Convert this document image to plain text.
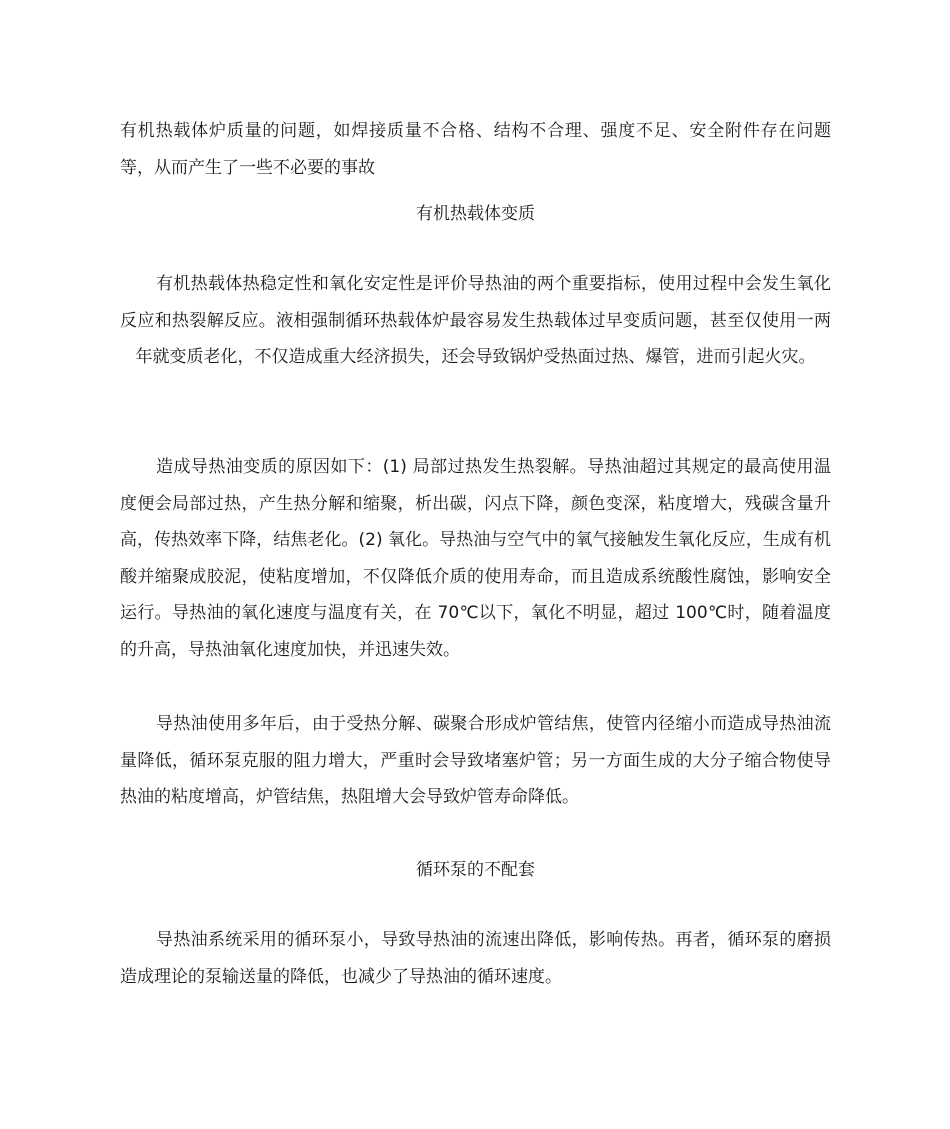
有机热载体炉质量的问题，如焊接质量不合格、结构不合理、强度不足、安全附件存在问题等，从而产生了一些不必要的事故

有机热载体变质

有机热载体热稳定性和氧化安定性是评价导热油的两个重要指标，使用过程中会发生氧化反应和热裂解反应。液相强制循环热载体炉最容易发生热载体过早变质问题，甚至仅使用一两年就变质老化，不仅造成重大经济损失，还会导致锅炉受热面过热、爆管，进而引起火灾。

造成导热油变质的原因如下：(1) 局部过热发生热裂解。导热油超过其规定的最高使用温度便会局部过热，产生热分解和缩聚，析出碳，闪点下降，颜色变深，粘度增大，残碳含量升高，传热效率下降，结焦老化。(2) 氧化。导热油与空气中的氧气接触发生氧化反应，生成有机酸并缩聚成胶泥，使粘度增加，不仅降低介质的使用寿命，而且造成系统酸性腐蚀，影响安全运行。导热油的氧化速度与温度有关，在 70℃以下，氧化不明显，超过 100℃时，随着温度的升高，导热油氧化速度加快，并迅速失效。

导热油使用多年后，由于受热分解、碳聚合形成炉管结焦，使管内径缩小而造成导热油流量降低，循环泵克服的阻力增大，严重时会导致堵塞炉管；另一方面生成的大分子缩合物使导热油的粘度增高，炉管结焦，热阻增大会导致炉管寿命降低。

循环泵的不配套

导热油系统采用的循环泵小，导致导热油的流速出降低，影响传热。再者，循环泵的磨损造成理论的泵输送量的降低，也减少了导热油的循环速度。
